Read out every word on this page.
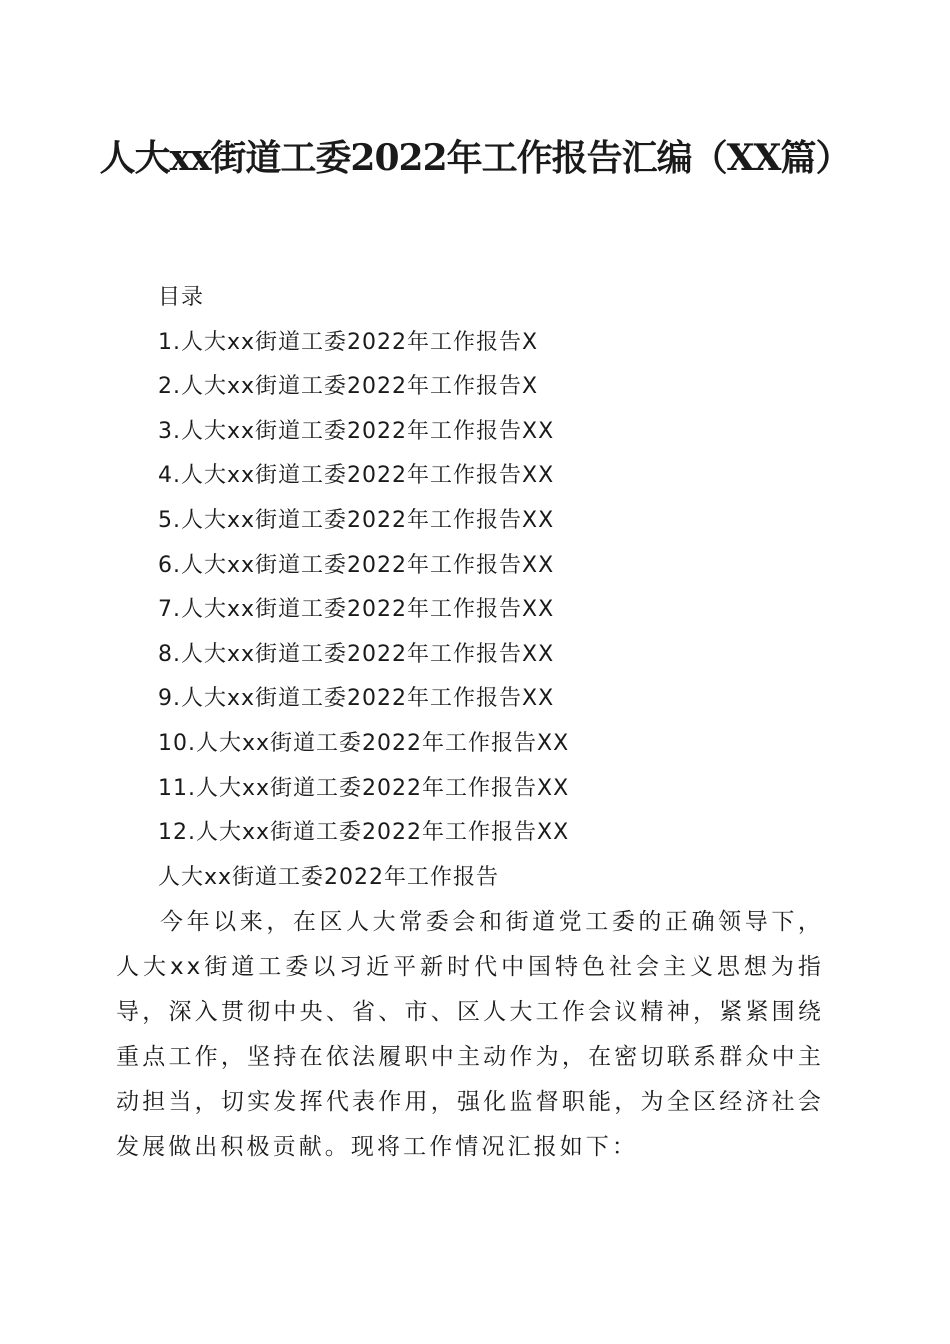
人大xx街道工委2022年工作报告汇编（XX篇）
目录
1.人大xx街道工委2022年工作报告X
2.人大xx街道工委2022年工作报告X
3.人大xx街道工委2022年工作报告XX
4.人大xx街道工委2022年工作报告XX
5.人大xx街道工委2022年工作报告XX
6.人大xx街道工委2022年工作报告XX
7.人大xx街道工委2022年工作报告XX
8.人大xx街道工委2022年工作报告XX
9.人大xx街道工委2022年工作报告XX
10.人大xx街道工委2022年工作报告XX
11.人大xx街道工委2022年工作报告XX
12.人大xx街道工委2022年工作报告XX
人大xx街道工委2022年工作报告

今年以来，在区人大常委会和街道党工委的正确领导下，人大xx街道工委以习近平新时代中国特色社会主义思想为指导，深入贯彻中央、省、市、区人大工作会议精神，紧紧围绕重点工作，坚持在依法履职中主动作为，在密切联系群众中主动担当，切实发挥代表作用，强化监督职能，为全区经济社会发展做出积极贡献。现将工作情况汇报如下：
